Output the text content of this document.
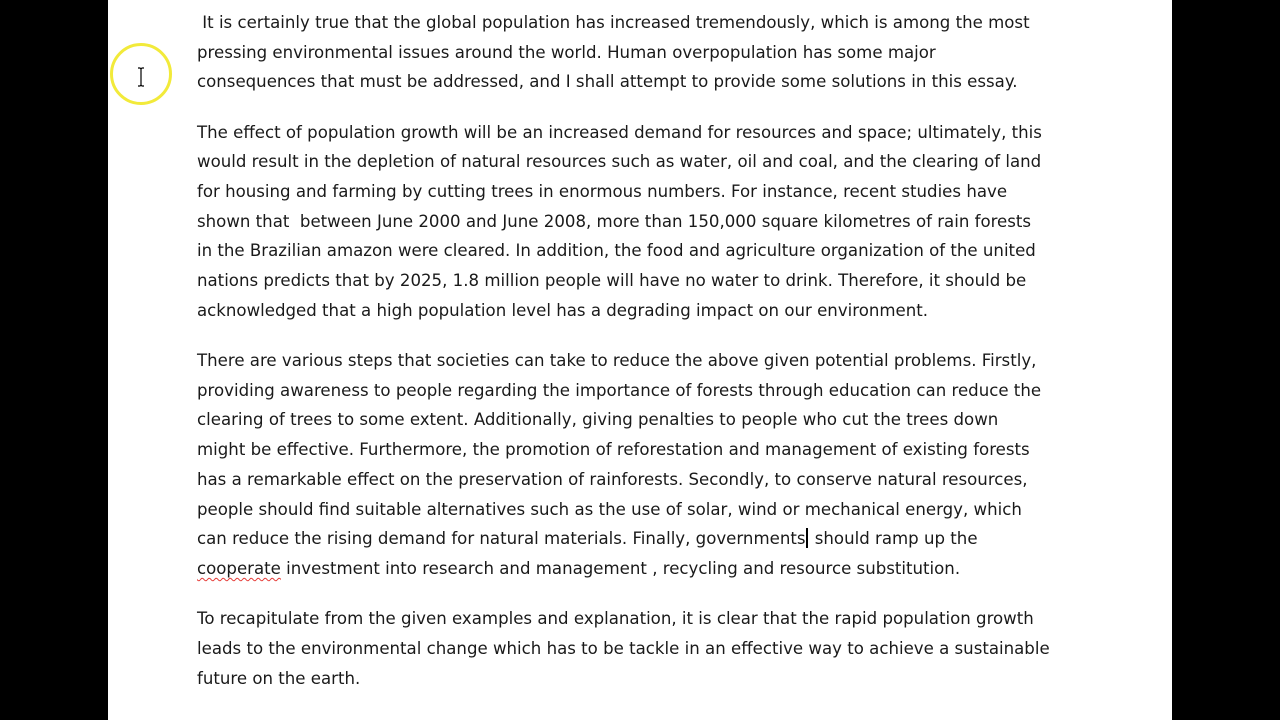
It is certainly true that the global population has increased tremendously, which is among the most
pressing environmental issues around the world. Human overpopulation has some major
consequences that must be addressed, and I shall attempt to provide some solutions in this essay.

The effect of population growth will be an increased demand for resources and space; ultimately, this
would result in the depletion of natural resources such as water, oil and coal, and the clearing of land
for housing and farming by cutting trees in enormous numbers. For instance, recent studies have
shown that  between June 2000 and June 2008, more than 150,000 square kilometres of rain forests
in the Brazilian amazon were cleared. In addition, the food and agriculture organization of the united
nations predicts that by 2025, 1.8 million people will have no water to drink. Therefore, it should be
acknowledged that a high population level has a degrading impact on our environment.

There are various steps that societies can take to reduce the above given potential problems. Firstly,
providing awareness to people regarding the importance of forests through education can reduce the
clearing of trees to some extent. Additionally, giving penalties to people who cut the trees down
might be effective. Furthermore, the promotion of reforestation and management of existing forests
has a remarkable effect on the preservation of rainforests. Secondly, to conserve natural resources,
people should find suitable alternatives such as the use of solar, wind or mechanical energy, which
can reduce the rising demand for natural materials. Finally, governments should ramp up the
cooperate investment into research and management , recycling and resource substitution.

To recapitulate from the given examples and explanation, it is clear that the rapid population growth
leads to the environmental change which has to be tackle in an effective way to achieve a sustainable
future on the earth.
